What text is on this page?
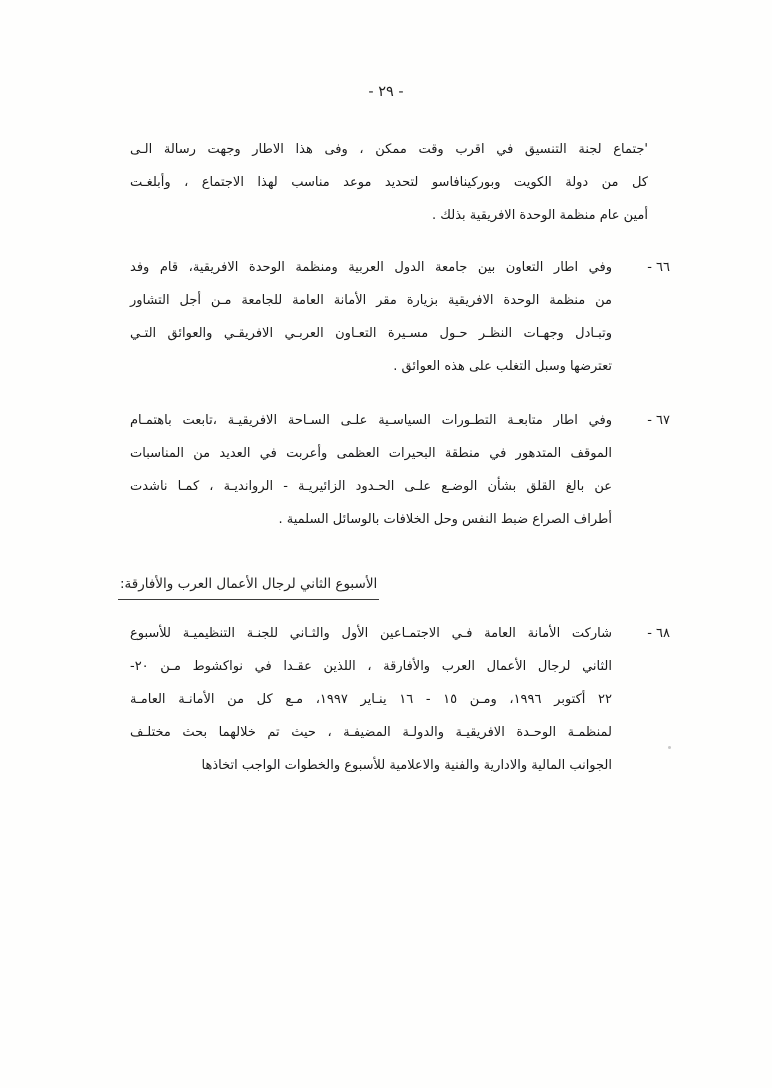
- ٢٩ -
'جتماع لجنة التنسيق في اقرب وقت ممكن ، وفى هذا الاطار وجهت رسالة الـى
كل من دولة الكويت وبوركينافاسو لتحديد موعد مناسب لهذا الاجتماع ، وأبلغـت
أمين عام منظمة الوحدة الافريقية بذلك .
٦٦ -
وفي اطار التعاون بين جامعة الدول العربية ومنظمة الوحدة الافريقية، قام وفد
من منظمة الوحدة الافريقية بزيارة مقر الأمانة العامة للجامعة مـن أجل التشاور
وتبـادل وجهـات النظـر حـول مسـيرة التعـاون العربـي الافريقـي والعوائق التـي
تعترضها وسبل التغلب على هذه العوائق .
٦٧ -
وفي اطار متابعـة التطـورات السياسـية علـى السـاحة الافريقيـة ،تابعت باهتمـام
الموقف المتدهور في منطقة البحيرات العظمى وأعربت في العديد من المناسبات
عن بالغ القلق بشأن الوضـع علـى الحـدود الزائيريـة - الروانديـة ، كمـا ناشدت
أطراف الصراع ضبط النفس وحل الخلافات بالوسائل السلمية .
الأسبوع الثاني لرجال الأعمال العرب والأفارقة:
٦٨ -
شاركت الأمانة العامة فـي الاجتمـاعين الأول والثـاني للجنـة التنظيميـة للأسبوع
الثاني لرجال الأعمال العرب والأفارقة ، اللذين عقـدا في نواكشوط مـن ٢٠-
٢٢ أكتوبر ١٩٩٦، ومـن ١٥ - ١٦ ينـاير ١٩٩٧، مـع كل من الأمانـة العامـة
لمنظمـة الوحـدة الافريقيـة والدولـة المضيفـة ، حيث تم خلالهما بحث مختلـف
الجوانب المالية والادارية والفنية والاعلامية للأسبوع والخطوات الواجب اتخاذها
